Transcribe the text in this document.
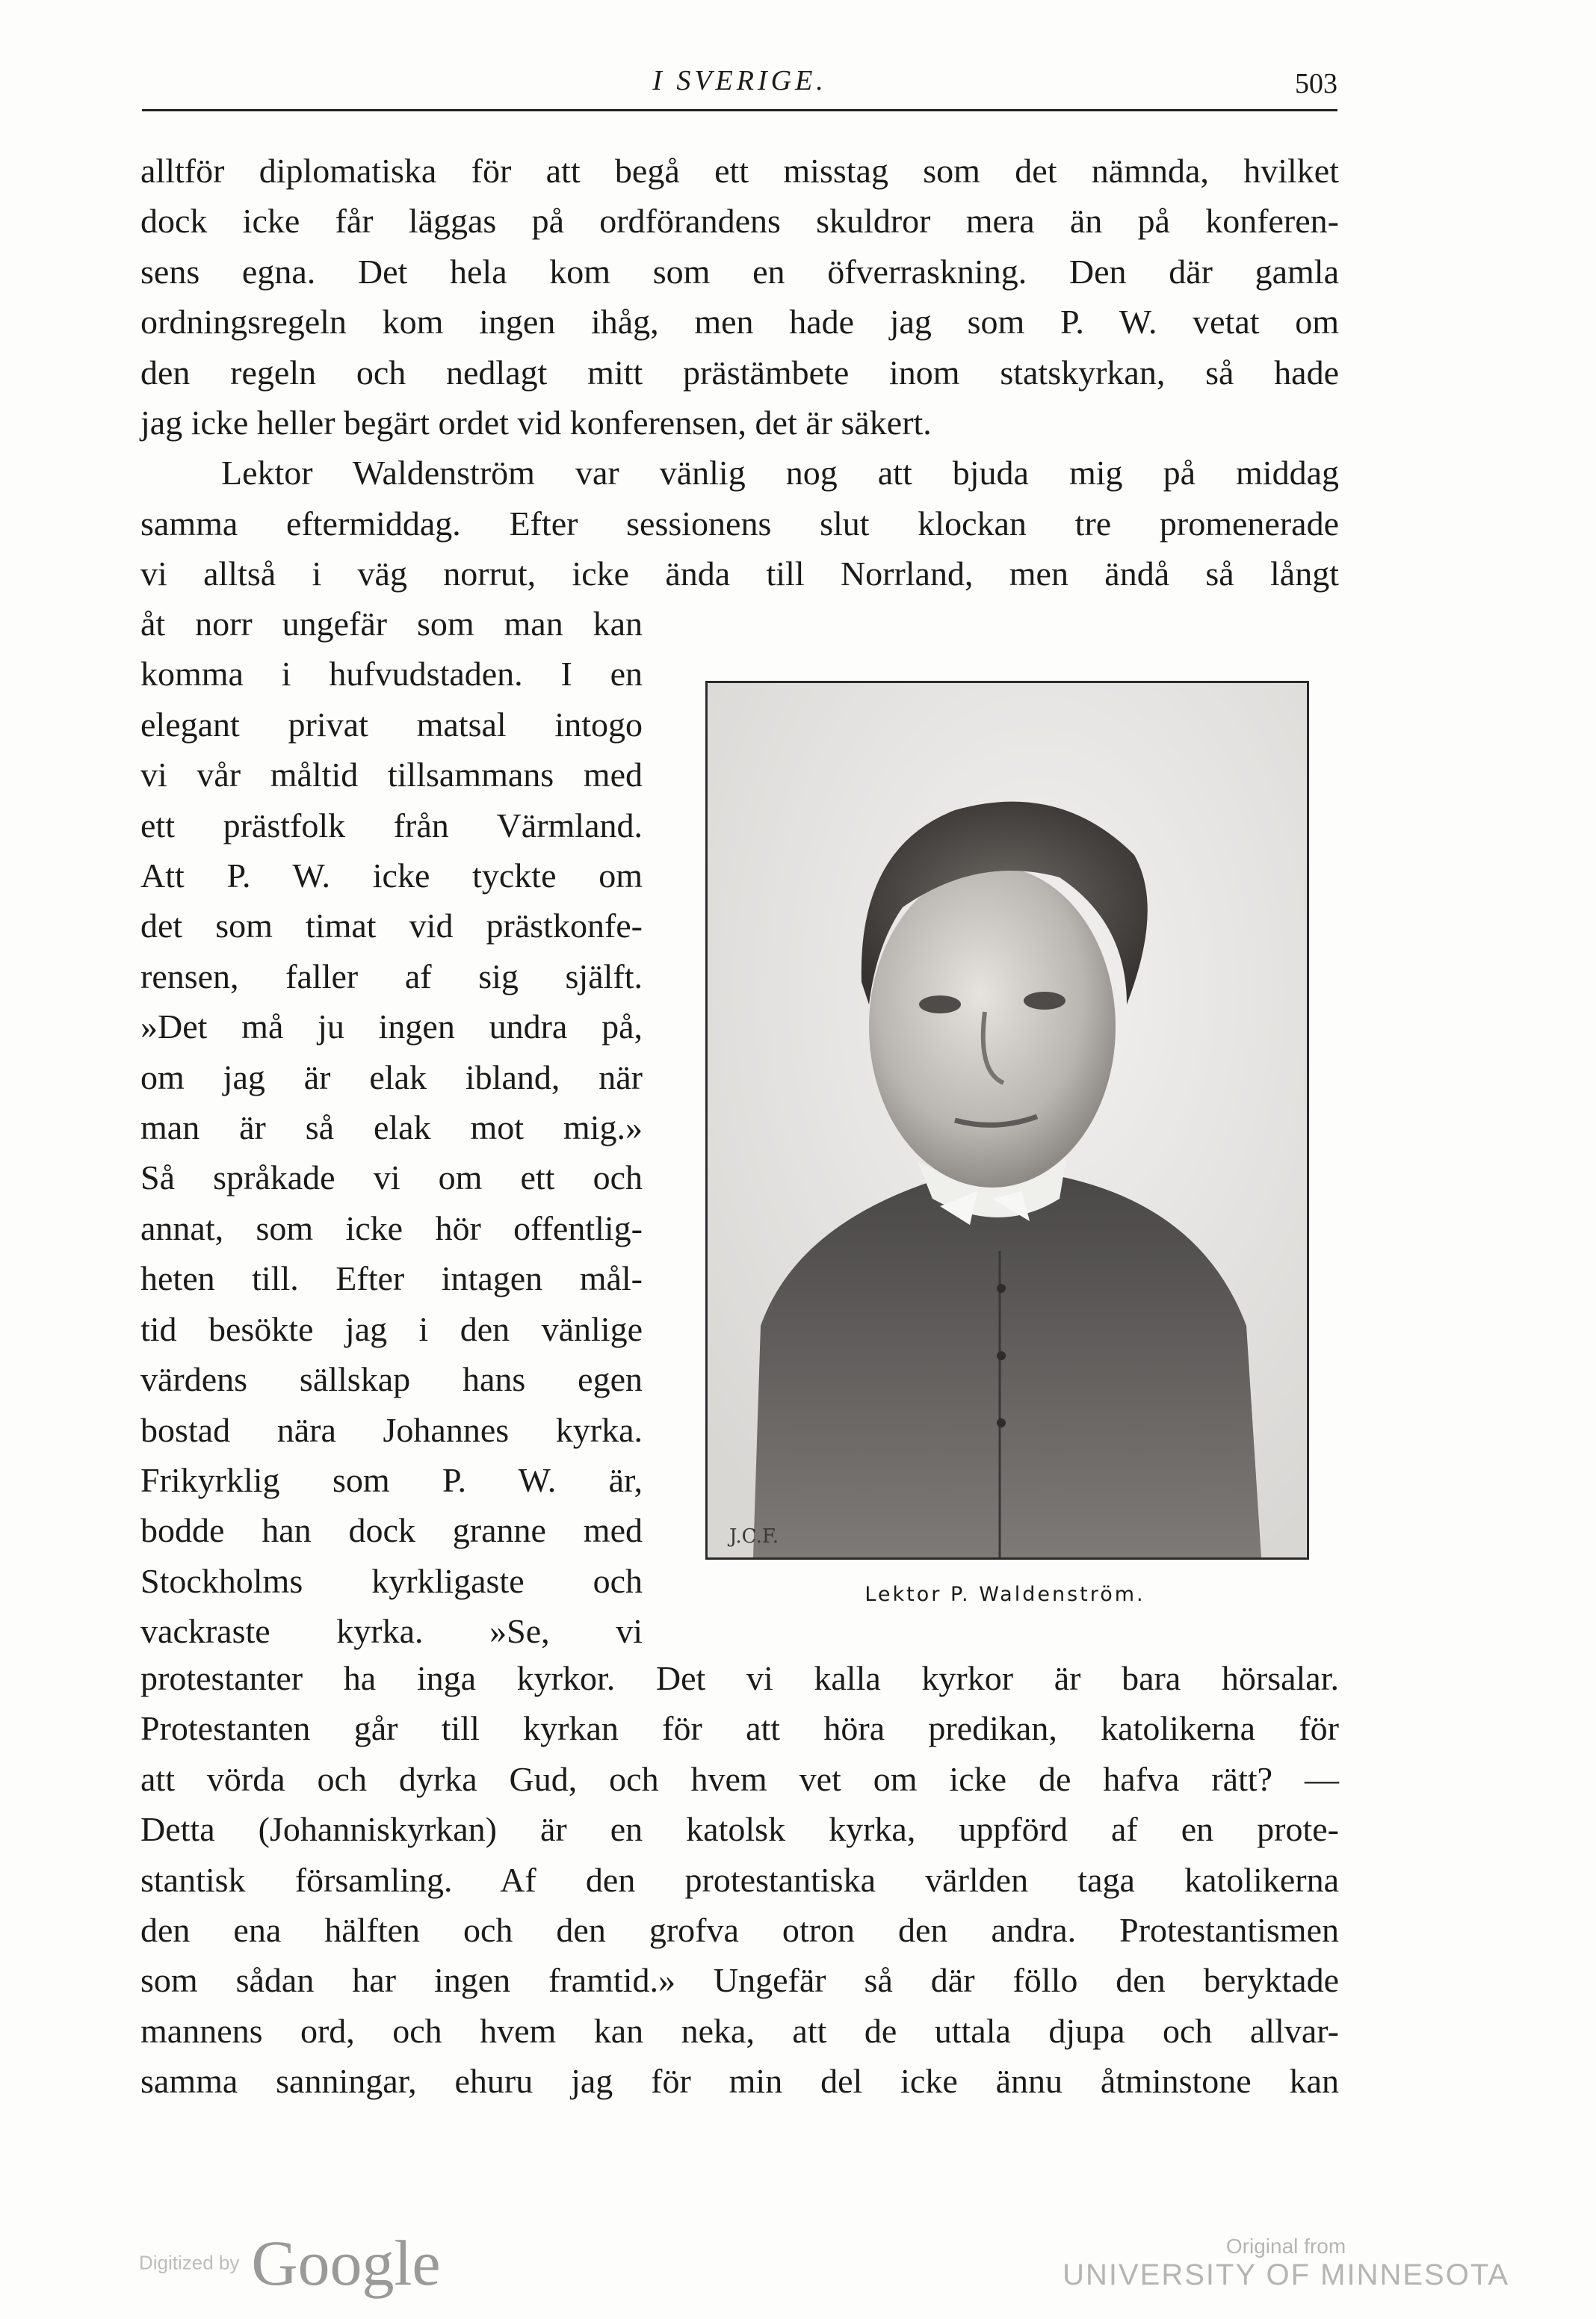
I SVERIGE.	503
alltför diplomatiska för att begå ett misstag som det nämnda, hvilket
dock icke får läggas på ordförandens skuldror mera än på konferen-
sens egna. Det hela kom som en öfverraskning. Den där gamla
ordningsregeln kom ingen ihåg, men hade jag som P. W. vetat om
den regeln och nedlagt mitt prästämbete inom statskyrkan, så hade
jag icke heller begärt ordet vid konferensen, det är säkert.
Lektor Waldenström var vänlig nog att bjuda mig på middag
samma eftermiddag. Efter sessionens slut klockan tre promenerade
vi alltså i väg norrut, icke ända till Norrland, men ändå så långt
åt norr ungefär som man kan
komma i hufvudstaden. I en
elegant privat matsal intogo
vi vår måltid tillsammans med
ett prästfolk från Värmland.
Att P. W. icke tyckte om
det som timat vid prästkonfe-
rensen, faller af sig själft.
»Det må ju ingen undra på,
om jag är elak ibland, när
man är så elak mot mig.»
Så språkade vi om ett och
annat, som icke hör offentlig-
heten till. Efter intagen mål-
tid besökte jag i den vänlige
värdens sällskap hans egen
bostad nära Johannes kyrka.
Frikyrklig som P. W. är,
bodde han dock granne med
Stockholms kyrkligaste och
vackraste kyrka. »Se, vi
J.C.F.
Lektor P. Waldenström.
protestanter ha inga kyrkor. Det vi kalla kyrkor är bara hörsalar.
Protestanten går till kyrkan för att höra predikan, katolikerna för
att vörda och dyrka Gud, och hvem vet om icke de hafva rätt? —
Detta (Johanniskyrkan) är en katolsk kyrka, uppförd af en prote-
stantisk församling. Af den protestantiska världen taga katolikerna
den ena hälften och den grofva otron den andra. Protestantismen
som sådan har ingen framtid.» Ungefär så där föllo den beryktade
mannens ord, och hvem kan neka, att de uttala djupa och allvar-
samma sanningar, ehuru jag för min del icke ännu åtminstone kan
Digitized by Google	Original from
UNIVERSITY OF MINNESOTA
